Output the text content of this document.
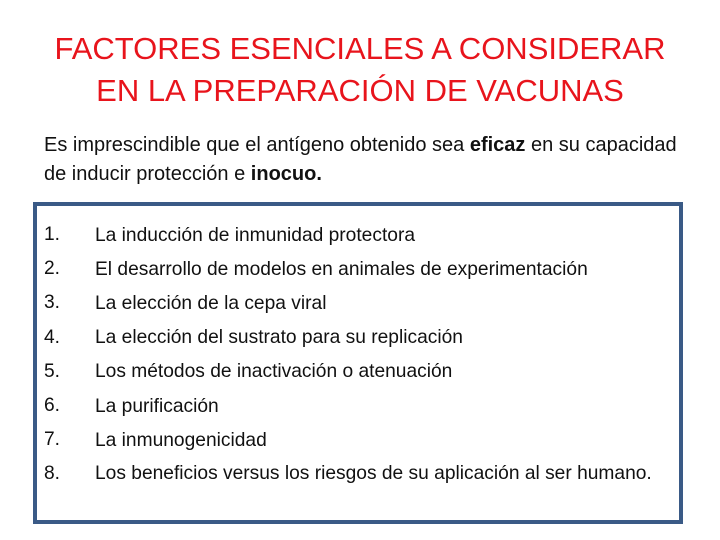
FACTORES ESENCIALES A CONSIDERAR
EN LA PREPARACIÓN DE VACUNAS
Es imprescindible que el antígeno obtenido sea eficaz en su capacidad de inducir protección e inocuo.
1.	La inducción de inmunidad protectora
2.	El desarrollo de modelos en animales de experimentación
3.	La elección de la cepa viral
4.	La elección del sustrato para su replicación
5.	Los métodos de inactivación o atenuación
6.	La purificación
7.	La inmunogenicidad
8.	Los beneficios versus los riesgos de su aplicación al ser humano.
